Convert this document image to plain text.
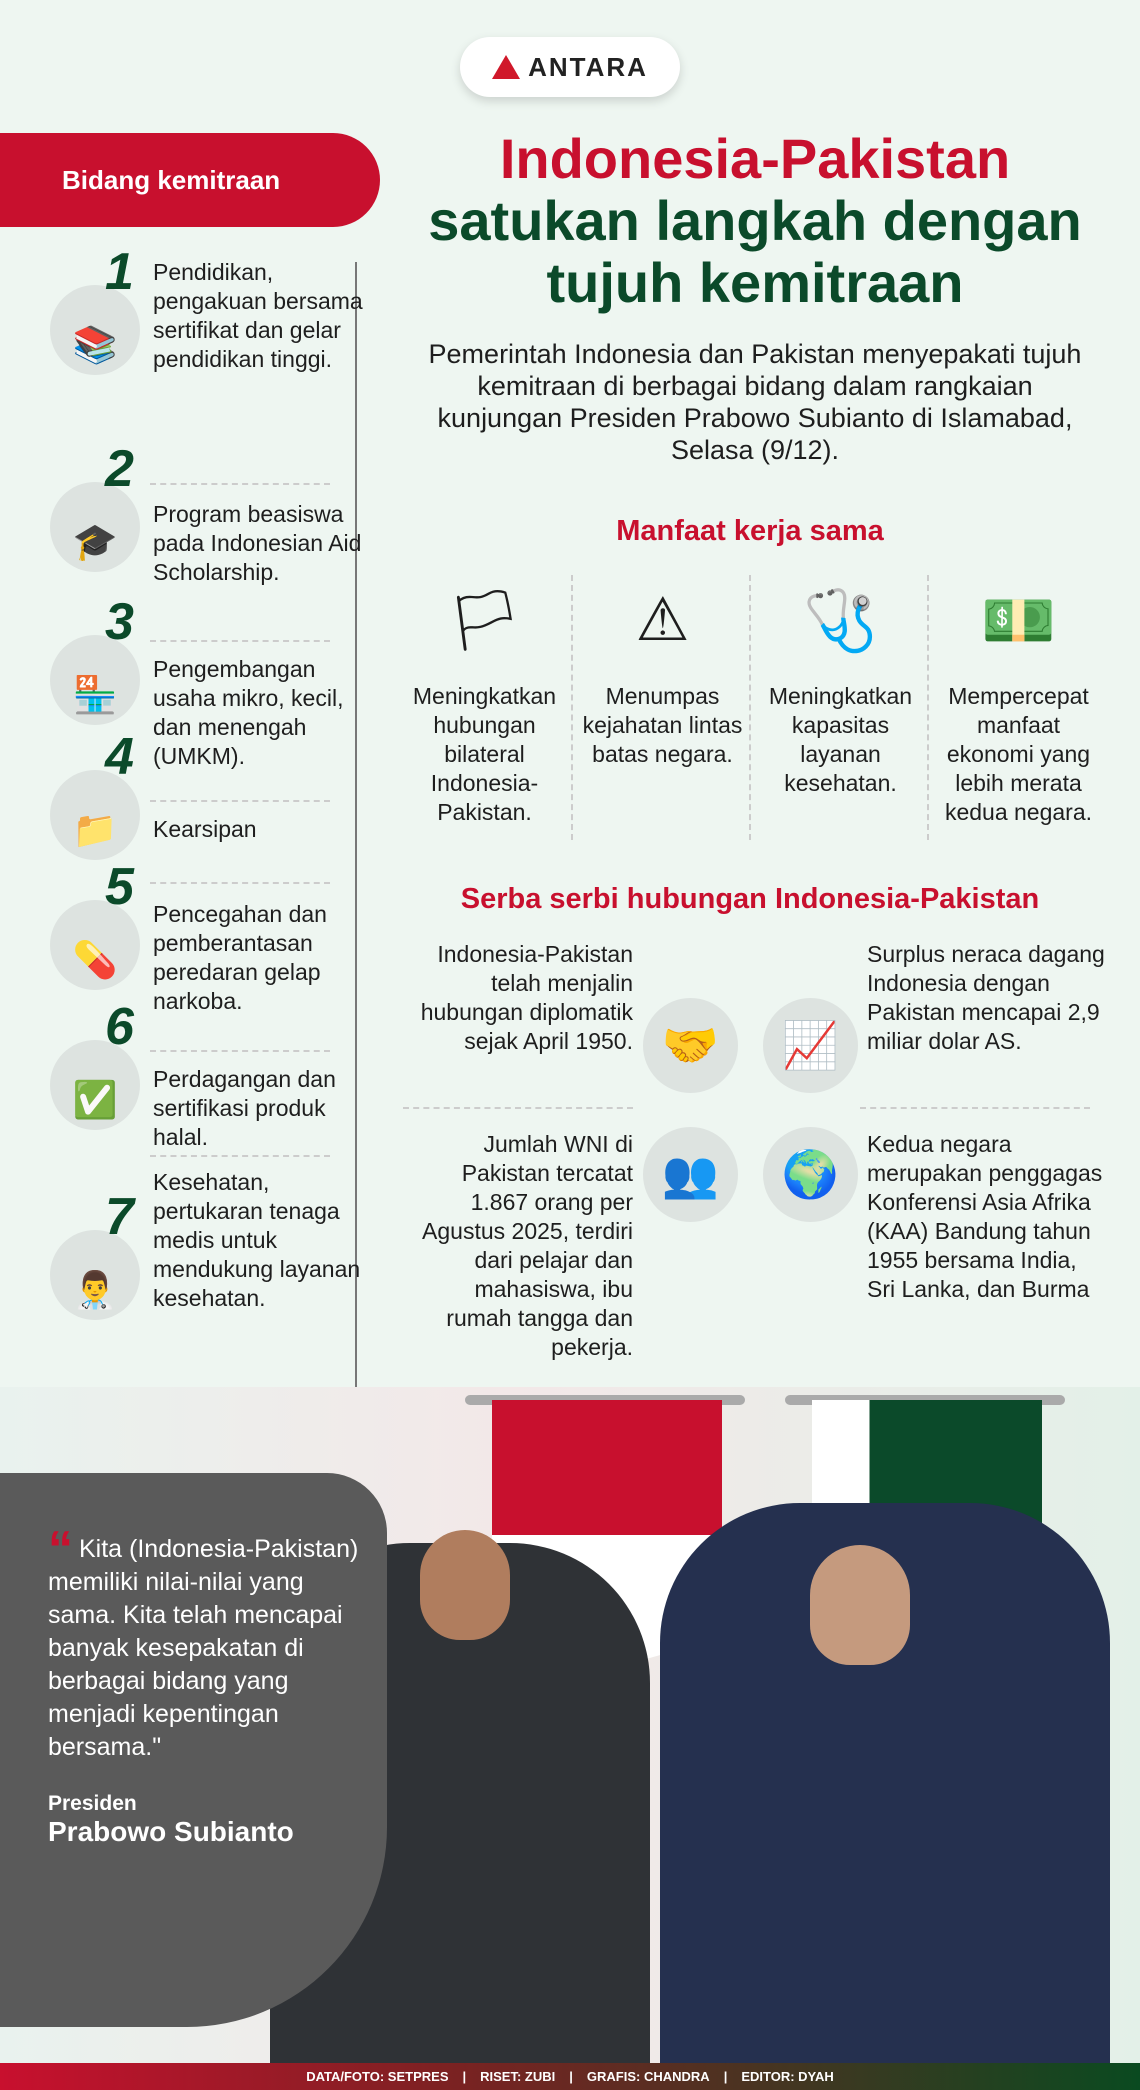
ANTARA
Bidang kemitraan	Indonesia-Pakistan
satukan langkah dengan
tujuh kemitraan
Pemerintah Indonesia dan Pakistan menyepakati tujuh kemitraan di berbagai bidang dalam rangkaian kunjungan Presiden Prabowo Subianto di Islamabad, Selasa (9/12).
📚
1 Pendidikan, pengakuan bersama sertifikat dan gelar pendidikan tinggi.
🎓
2
Program beasiswa pada Indonesian Aid Scholarship.
🏪
3
Pengembangan usaha mikro, kecil, dan menengah (UMKM).
📁
4
Kearsipan
💊
5 Pencegahan dan pemberantasan peredaran gelap narkoba.
✅
6
Perdagangan dan sertifikasi produk halal.
👨‍⚕️
7
Kesehatan, pertukaran tenaga medis untuk mendukung layanan kesehatan.
Manfaat kerja sama
🏳
Meningkatkan hubungan bilateral Indonesia-Pakistan.
⚠
Menumpas kejahatan lintas batas negara.
🩺
Meningkatkan kapasitas layanan kesehatan.
💵
Mempercepat manfaat ekonomi yang lebih merata kedua negara.
Serba serbi hubungan Indonesia-Pakistan
Indonesia-Pakistan telah menjalin hubungan diplomatik sejak April 1950. 🤝
Surplus neraca dagang Indonesia dengan Pakistan mencapai 2,9 miliar dolar AS.
📈
Jumlah WNI di Pakistan tercatat 1.867 orang per Agustus 2025, terdiri dari pelajar dan mahasiswa, ibu rumah tangga dan pekerja.
👥
Kedua negara merupakan penggagas Konferensi Asia Afrika (KAA) Bandung tahun 1955 bersama India, Sri Lanka, dan Burma
🌍
“ Kita (Indonesia-Pakistan) memiliki nilai-nilai yang sama. Kita telah mencapai banyak kesepakatan di berbagai bidang yang menjadi kepentingan bersama."
Presiden
Prabowo Subianto
DATA/FOTO: SETPRES | RISET: ZUBI | GRAFIS: CHANDRA | EDITOR: DYAH
